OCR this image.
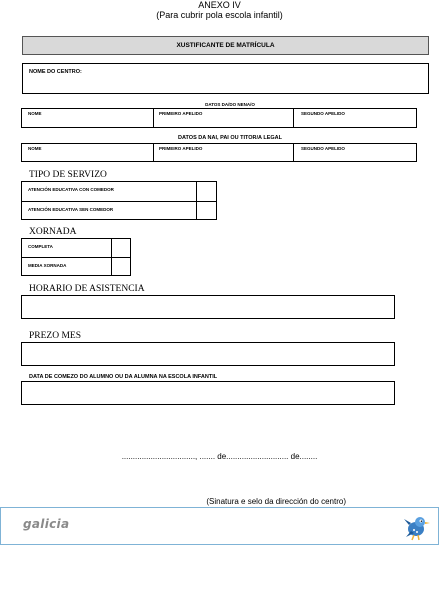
ANEXO IV
(Para cubrir pola escola infantil)
XUSTIFICANTE DE MATRÍCULA
NOME DO CENTRO:
DATOS DA/DO NENA/O
NOME	PRIMEIRO APELIDO	SEGUNDO APELIDO
DATOS DA NAI, PAI OU TITOR/A LEGAL
NOME	PRIMEIRO APELIDO	SEGUNDO APELIDO
TIPO DE SERVIZO
ATENCIÓN EDUCATIVA CON COMEDOR
ATENCIÓN EDUCATIVA SEN COMEDOR
XORNADA
COMPLETA
MEDIA XORNADA
HORARIO DE ASISTENCIA
PREZO MES
DATA DE COMEZO DO ALUMNO OU DA ALUMNA NA ESCOLA INFANTIL
................................., ....... de............................ de........
(Sinatura e selo da dirección do centro)
galicia
